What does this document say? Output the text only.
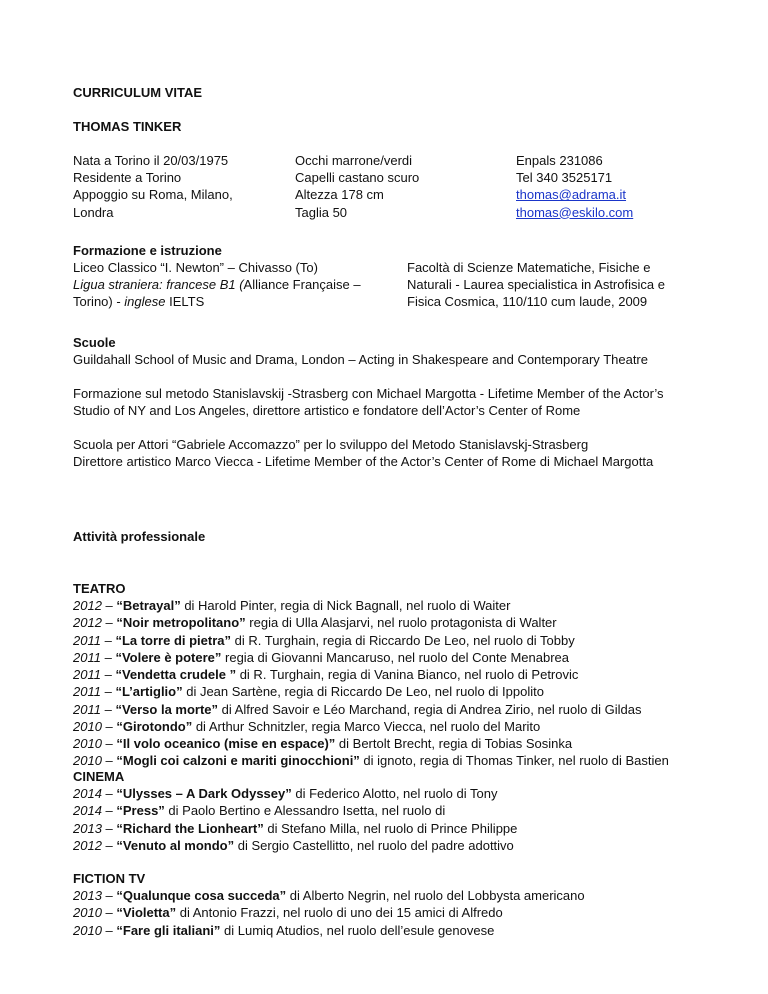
CURRICULUM VITAE
THOMAS TINKER
Nata a Torino il 20/03/1975
Residente a Torino
Appoggio su Roma, Milano,
Londra
Occhi marrone/verdi
Capelli castano scuro
Altezza 178 cm
Taglia 50
Enpals 231086
Tel 340 3525171
thomas@adrama.it
thomas@eskilo.com
Formazione e istruzione
Liceo Classico “I. Newton” – Chivasso (To)
Ligua straniera: francese B1 (Alliance Française –
Torino) - inglese IELTS
Facoltà di Scienze Matematiche, Fisiche e
Naturali - Laurea specialistica in Astrofisica e
Fisica Cosmica, 110/110 cum laude, 2009
Scuole
Guildahall School of Music and Drama, London – Acting in Shakespeare and Contemporary Theatre
Formazione sul metodo Stanislavskij -Strasberg con Michael Margotta - Lifetime Member of the Actor’s
Studio of NY and Los Angeles, direttore artistico e fondatore dell’Actor’s Center of Rome
Scuola per Attori “Gabriele Accomazzo” per lo sviluppo del Metodo Stanislavskj-Strasberg
Direttore artistico Marco Viecca - Lifetime Member of the Actor’s Center of Rome di Michael Margotta
Attività professionale
TEATRO
2012 – “Betrayal” di Harold Pinter, regia di Nick Bagnall, nel ruolo di Waiter
2012 – “Noir metropolitano” regia di Ulla Alasjarvi, nel ruolo protagonista di Walter
2011 – “La torre di pietra” di R. Turghain, regia di Riccardo De Leo, nel ruolo di Tobby
2011 – “Volere è potere” regia di Giovanni Mancaruso, nel ruolo del Conte Menabrea
2011 – “Vendetta crudele ” di R. Turghain, regia di Vanina Bianco, nel ruolo di Petrovic
2011 – “L’artiglio” di Jean Sartène, regia di Riccardo De Leo, nel ruolo di Ippolito
2011 – “Verso la morte” di Alfred Savoir e Léo Marchand, regia di Andrea Zirio, nel ruolo di Gildas
2010 – “Girotondo” di Arthur Schnitzler, regia Marco Viecca, nel ruolo del Marito
2010 – “Il volo oceanico (mise en espace)” di Bertolt Brecht, regia di Tobias Sosinka
2010 – “Mogli coi calzoni e mariti ginocchioni” di ignoto, regia di Thomas Tinker, nel ruolo di Bastien
CINEMA
2014 – “Ulysses – A Dark Odyssey” di Federico Alotto, nel ruolo di Tony
2014 – “Press” di Paolo Bertino e Alessandro Isetta, nel ruolo di
2013 – “Richard the Lionheart” di Stefano Milla, nel ruolo di Prince Philippe
2012 – “Venuto al mondo” di Sergio Castellitto, nel ruolo del padre adottivo
FICTION TV
2013 – “Qualunque cosa succeda” di Alberto Negrin, nel ruolo del Lobbysta americano
2010 – “Violetta” di Antonio Frazzi, nel ruolo di uno dei 15 amici di Alfredo
2010 – “Fare gli italiani” di Lumiq Atudios, nel ruolo dell’esule genovese
